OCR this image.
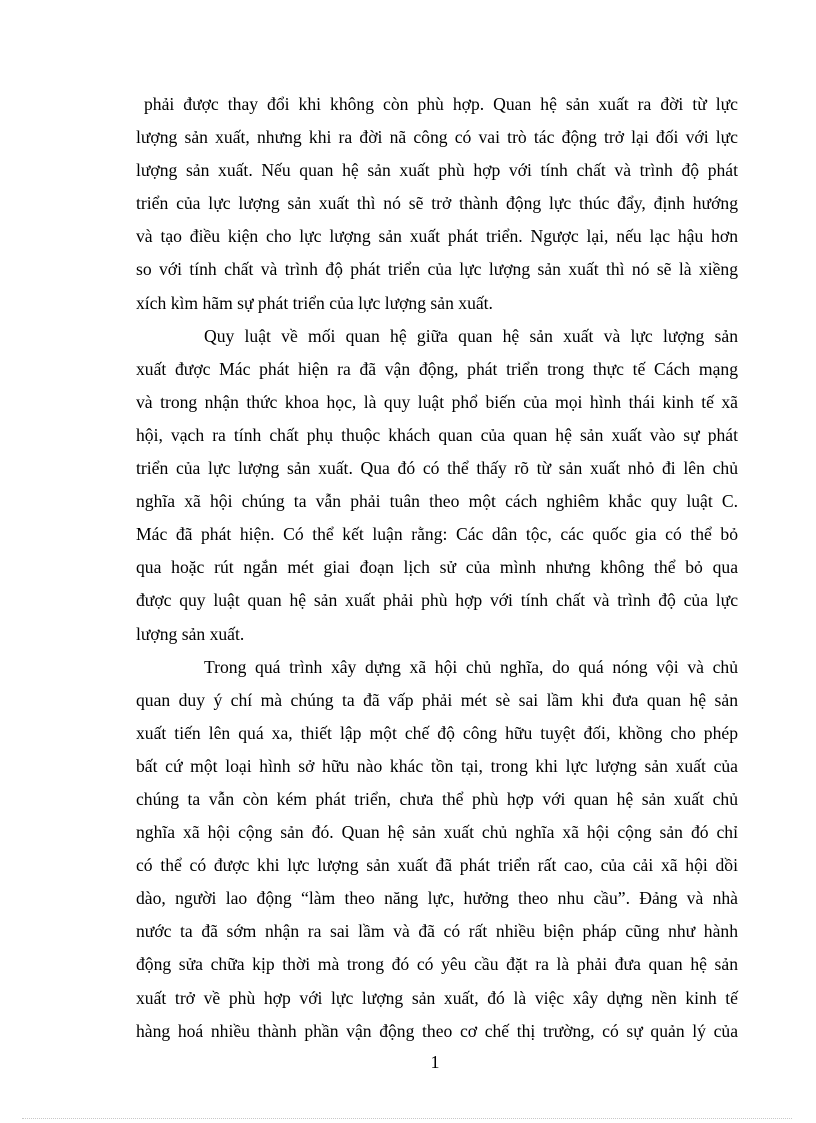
phải được thay đổi khi không còn phù hợp. Quan hệ sản xuất ra đời từ lực
lượng sản xuất, nhưng khi ra đời nã công có vai trò tác động trở lại đối với lực
lượng sản xuất. Nếu quan hệ sản xuất phù hợp với tính chất và trình độ phát
triển của lực lượng sản xuất thì nó sẽ trở thành động lực thúc đẩy, định hướng
và tạo điều kiện cho lực lượng sản xuất phát triển. Ngược lại, nếu lạc hậu hơn
so với tính chất và trình độ phát triển của lực lượng sản xuất thì nó sẽ là xiềng
xích kìm hãm sự phát triển của lực lượng sản xuất.
Quy luật về mối quan hệ giữa quan hệ sản xuất và lực lượng sản
xuất được Mác phát hiện ra đã vận động, phát triển trong thực tế Cách mạng
và trong nhận thức khoa học, là quy luật phổ biến của mọi hình thái kinh tế xã
hội, vạch ra tính chất phụ thuộc khách quan của quan hệ sản xuất vào sự phát
triển của lực lượng sản xuất. Qua đó có thể thấy rõ từ sản xuất nhỏ đi lên chủ
nghĩa xã hội chúng ta vẫn phải tuân theo một cách nghiêm khắc quy luật C.
Mác đã phát hiện. Có thể kết luận rằng: Các dân tộc, các quốc gia có thể bỏ
qua hoặc rút ngắn mét giai đoạn lịch sử của mình nhưng không thể bỏ qua
được quy luật quan hệ sản xuất phải phù hợp với tính chất và trình độ của lực
lượng sản xuất.
Trong quá trình xây dựng xã hội chủ nghĩa, do quá nóng vội và chủ
quan duy ý chí mà chúng ta đã vấp phải mét sè sai lầm khi đưa quan hệ sản
xuất tiến lên quá xa, thiết lập một chế độ công hữu tuyệt đối, khồng cho phép
bất cứ một loại hình sở hữu nào khác tồn tại, trong khi lực lượng sản xuất của
chúng ta vẫn còn kém phát triển, chưa thể phù hợp với quan hệ sản xuất chủ
nghĩa xã hội cộng sản đó. Quan hệ sản xuất chủ nghĩa xã hội cộng sản đó chỉ
có thể có được khi lực lượng sản xuất đã phát triển rất cao, của cải xã hội dồi
dào, người lao động “làm theo năng lực, hưởng theo nhu cầu”. Đảng và nhà
nước ta đã sớm nhận ra sai lầm và đã có rất nhiều biện pháp cũng như hành
động sửa chữa kịp thời mà trong đó có yêu cầu đặt ra là phải đưa quan hệ sản
xuất trở về phù hợp với lực lượng sản xuất, đó là việc xây dựng nền kinh tế
hàng hoá nhiều thành phần vận động theo cơ chế thị trường, có sự quản lý của
1
